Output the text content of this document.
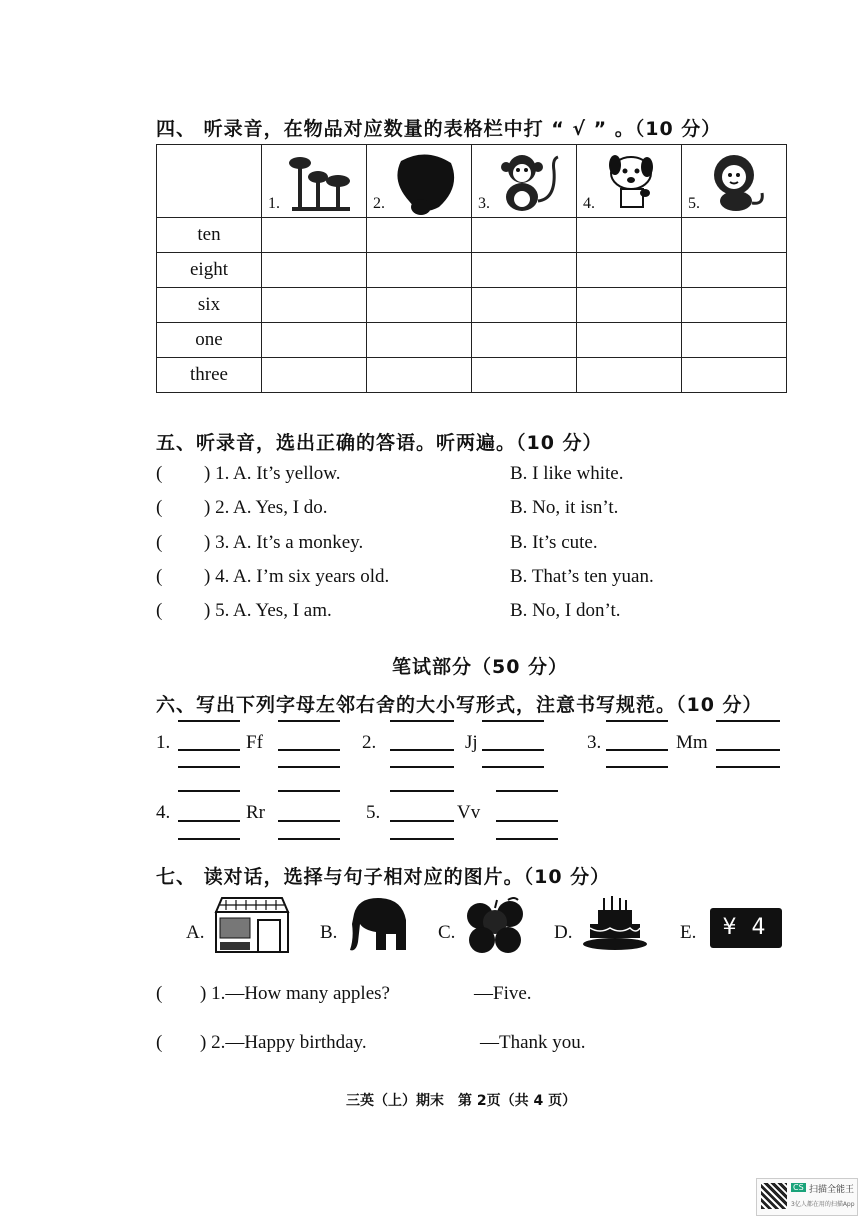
四、 听录音，在物品对应数量的表格栏中打 “ √ ” 。（10 分）

	1.	2.	3.	4.	5.

ten					
eight					
six					
one					
three					
五、听录音，选出正确的答语。听两遍。（10 分）
( ) 1. A. It’s yellow.	B. I like white.
( ) 2. A. Yes, I do.	B. No, it isn’t.
( ) 3. A. It’s a monkey.	B. It’s cute.
( ) 4. A. I’m six years old.	B. That’s ten yuan.
( ) 5. A. Yes, I am.	B. No, I don’t.
笔试部分（50 分）
六、写出下列字母左邻右舍的大小写形式，注意书写规范。（10 分）
1.	Ff	2.	Jj	3.	Mm
4.	Rr	5.	Vv
七、 读对话，选择与句子相对应的图片。（10 分）
A.	B.	C.	D.	E.	¥ 4
( ) 1.—How many apples?	—Five.
( ) 2.—Happy birthday.	—Thank you.
三英（上）期末　第 2页（共 4 页）
CS 扫描全能王
3亿人都在用的扫描App
